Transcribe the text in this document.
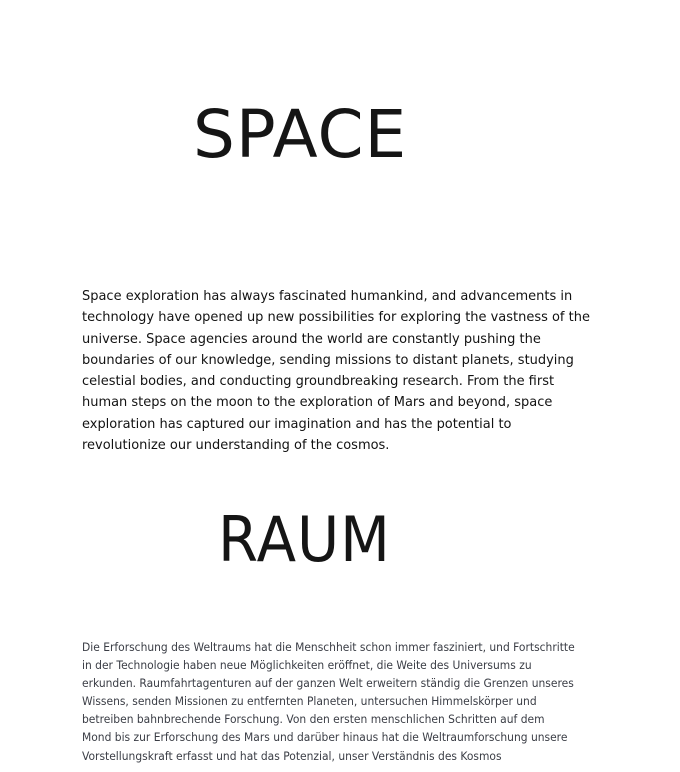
SPACE

Space exploration has always fascinated humankind, and advancements in
technology have opened up new possibilities for exploring the vastness of the
universe. Space agencies around the world are constantly pushing the
boundaries of our knowledge, sending missions to distant planets, studying
celestial bodies, and conducting groundbreaking research. From the first
human steps on the moon to the exploration of Mars and beyond, space
exploration has captured our imagination and has the potential to
revolutionize our understanding of the cosmos.

RAUM

Die Erforschung des Weltraums hat die Menschheit schon immer fasziniert, und Fortschritte
in der Technologie haben neue Möglichkeiten eröffnet, die Weite des Universums zu
erkunden. Raumfahrtagenturen auf der ganzen Welt erweitern ständig die Grenzen unseres
Wissens, senden Missionen zu entfernten Planeten, untersuchen Himmelskörper und
betreiben bahnbrechende Forschung. Von den ersten menschlichen Schritten auf dem
Mond bis zur Erforschung des Mars und darüber hinaus hat die Weltraumforschung unsere
Vorstellungskraft erfasst und hat das Potenzial, unser Verständnis des Kosmos
